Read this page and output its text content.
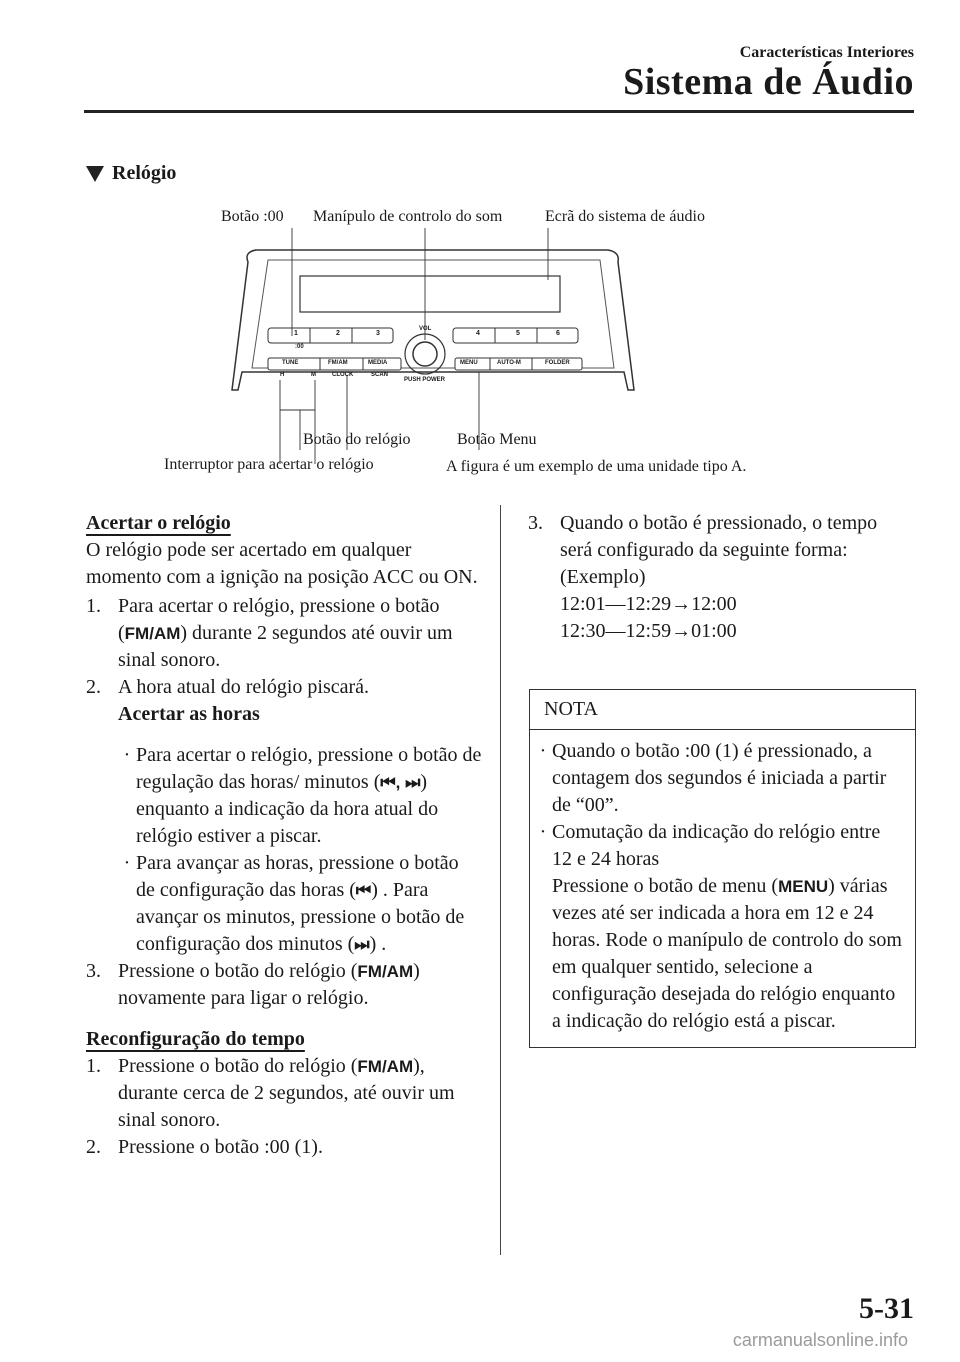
Características Interiores
Sistema de Áudio
Relógio
Botão :00 Manípulo de controlo do som	Ecrã do sistema de áudio
1	2	3
:00
4	5	6
VOL
PUSH POWER
TUNE	FM/AM	MEDIA	MENU	AUTO-M	FOLDER
H	M	CLOCK	SCAN
Botão do relógio	Botão Menu
Interruptor para acertar o relógio	A figura é um exemplo de uma unidade tipo A.

Acertar o relógio

O relógio pode ser acertado em qualquer momento com a ignição na posição ACC ou ON.

1. Para acertar o relógio, pressione o botão (FM/AM) durante 2 segundos até ouvir um sinal sonoro.
2. A hora atual do relógio piscará.

Acertar as horas

· Para acertar o relógio, pressione o botão de regulação das horas/ minutos (⏮, ⏭) enquanto a indicação da hora atual do relógio estiver a piscar.
· Para avançar as horas, pressione o botão de configuração das horas (⏮) . Para avançar os minutos, pressione o botão de configuração dos minutos (⏭) .
3. Pressione o botão do relógio (FM/AM) novamente para ligar o relógio.

Reconfiguração do tempo

1. Pressione o botão do relógio (FM/AM), durante cerca de 2 segundos, até ouvir um sinal sonoro.
2. Pressione o botão :00 (1).
3. Quando o botão é pressionado, o tempo será configurado da seguinte forma:

(Exemplo)

12:01―12:29→12:00

12:30―12:59→01:00

NOTA
· Quando o botão :00 (1) é pressionado, a contagem dos segundos é iniciada a partir de “00”.
· Comutação da indicação do relógio entre 12 e 24 horas
Pressione o botão de menu (MENU) várias vezes até ser indicada a hora em 12 e 24 horas. Rode o manípulo de controlo do som em qualquer sentido, selecione a configuração desejada do relógio enquanto a indicação do relógio está a piscar.
5-31
carmanualsonline.info
